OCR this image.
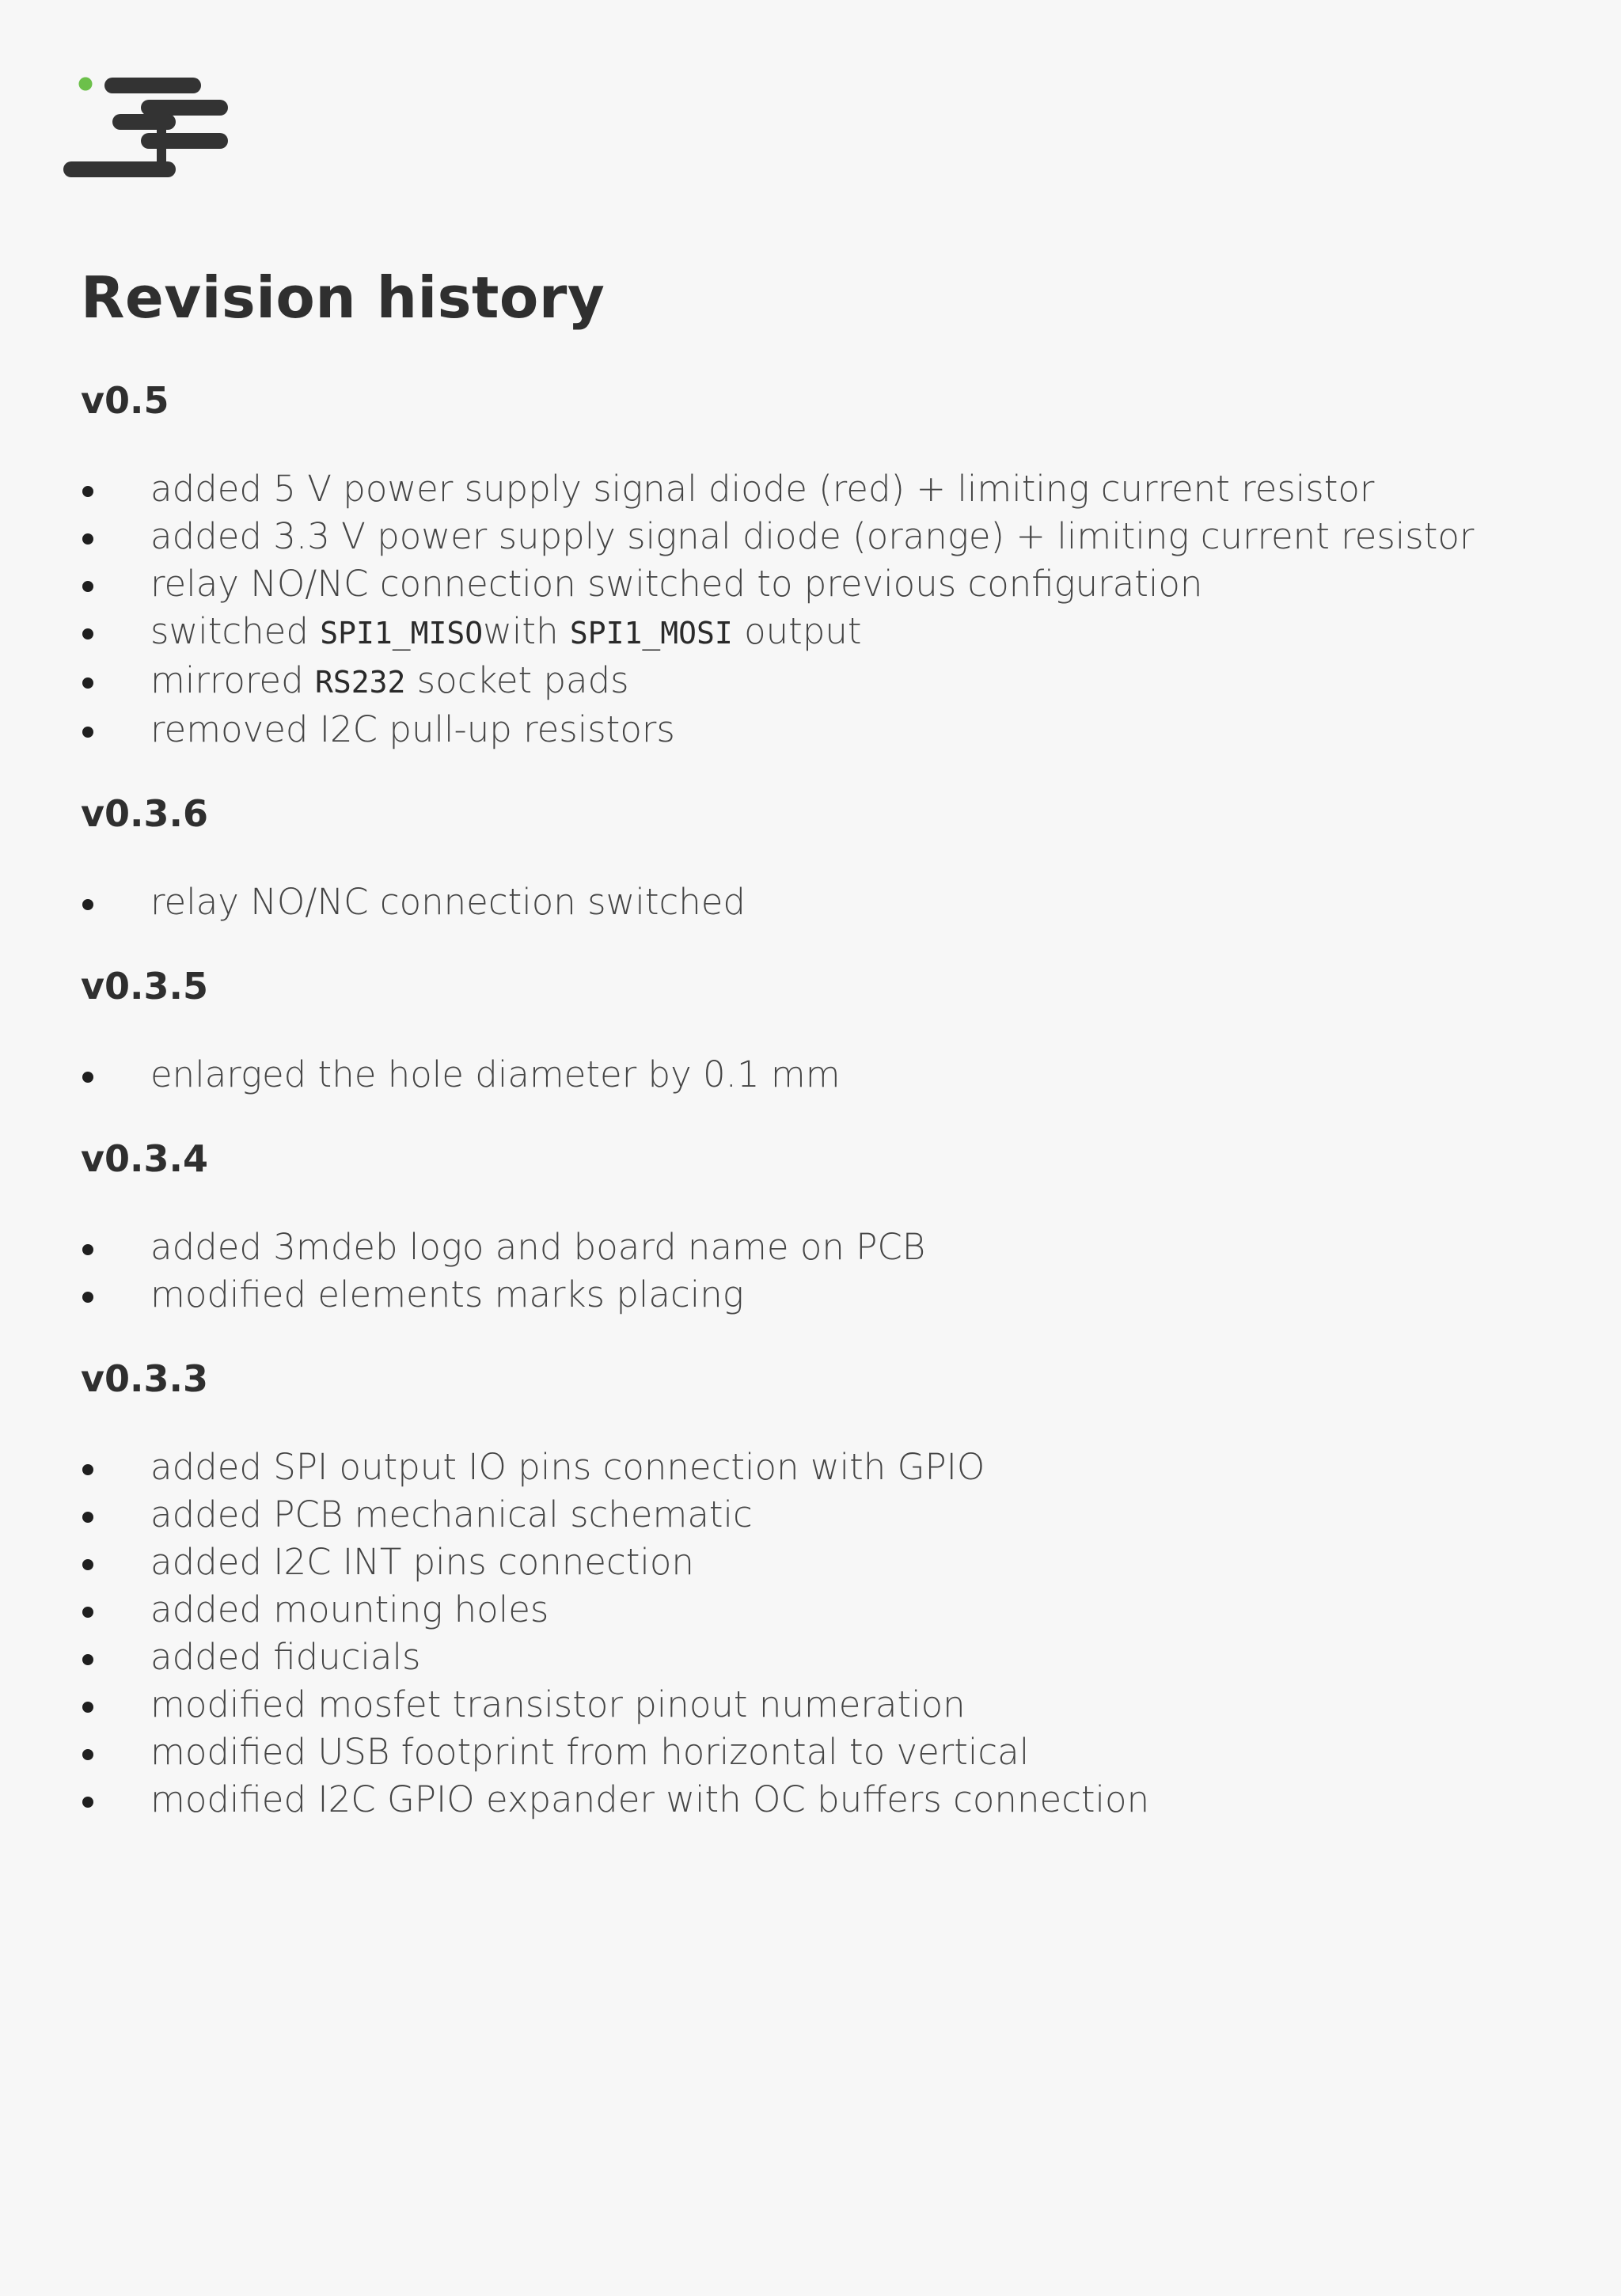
Revision history
v0.5
added 5 V power supply signal diode (red) + limiting current resistor
added 3.3 V power supply signal diode (orange) + limiting current resistor
relay NO/NC connection switched to previous configuration
switched SPI1_MISOwith SPI1_MOSI output
mirrored RS232 socket pads
removed I2C pull-up resistors
v0.3.6
relay NO/NC connection switched
v0.3.5
enlarged the hole diameter by 0.1 mm
v0.3.4
added 3mdeb logo and board name on PCB
modified elements marks placing
v0.3.3
added SPI output IO pins connection with GPIO
added PCB mechanical schematic
added I2C INT pins connection
added mounting holes
added fiducials
modified mosfet transistor pinout numeration
modified USB footprint from horizontal to vertical
modified I2C GPIO expander with OC buffers connection
